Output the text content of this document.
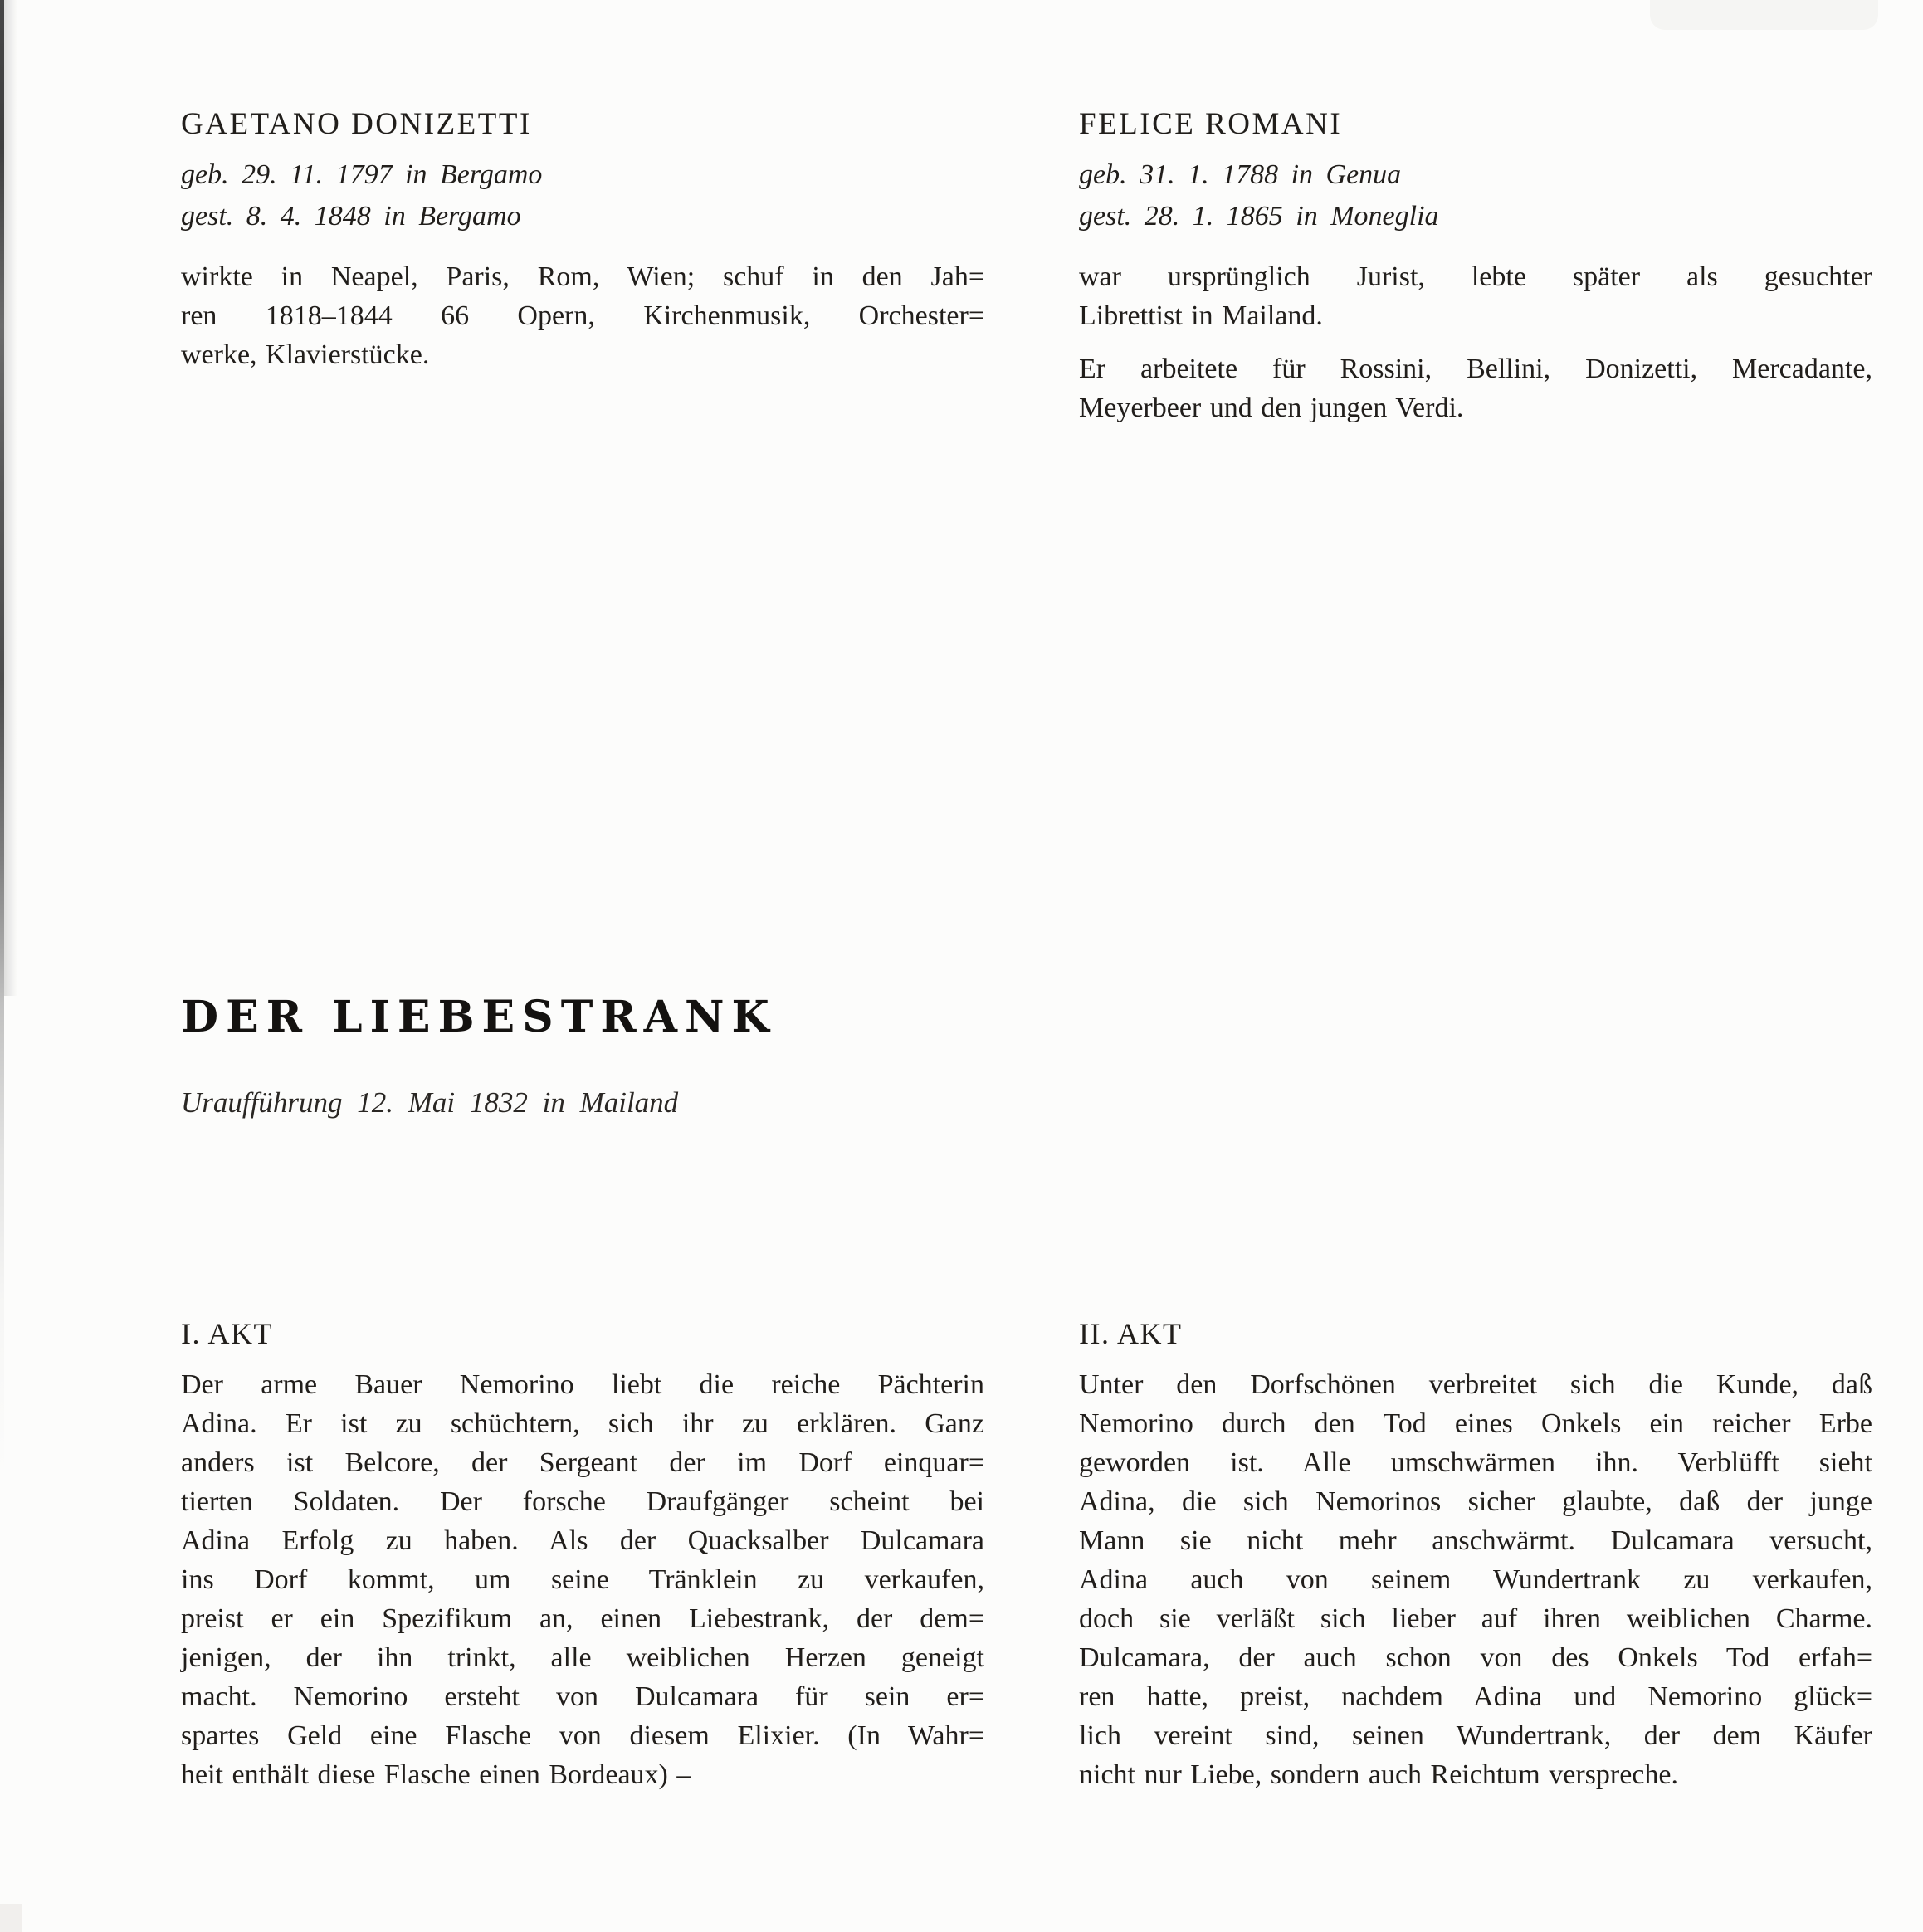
GAETANO DONIZETTI
geb. 29. 11. 1797 in Bergamo
gest. 8. 4. 1848 in Bergamo
wirkte in Neapel, Paris, Rom, Wien; schuf in den Jah=
ren 1818–1844 66 Opern, Kirchenmusik, Orchester=
werke, Klavierstücke.
FELICE ROMANI
geb. 31. 1. 1788 in Genua
gest. 28. 1. 1865 in Moneglia
war ursprünglich Jurist, lebte später als gesuchter
Librettist in Mailand.
Er arbeitete für Rossini, Bellini, Donizetti, Mercadante,
Meyerbeer und den jungen Verdi.
DER LIEBESTRANK
Uraufführung 12. Mai 1832 in Mailand
I. AKT
Der arme Bauer Nemorino liebt die reiche Pächterin
Adina. Er ist zu schüchtern, sich ihr zu erklären. Ganz
anders ist Belcore, der Sergeant der im Dorf einquar=
tierten Soldaten. Der forsche Draufgänger scheint bei
Adina Erfolg zu haben. Als der Quacksalber Dulcamara
ins Dorf kommt, um seine Tränklein zu verkaufen,
preist er ein Spezifikum an, einen Liebestrank, der dem=
jenigen, der ihn trinkt, alle weiblichen Herzen geneigt
macht. Nemorino ersteht von Dulcamara für sein er=
spartes Geld eine Flasche von diesem Elixier. (In Wahr=
heit enthält diese Flasche einen Bordeaux) –
II. AKT
Unter den Dorfschönen verbreitet sich die Kunde, daß
Nemorino durch den Tod eines Onkels ein reicher Erbe
geworden ist. Alle umschwärmen ihn. Verblüfft sieht
Adina, die sich Nemorinos sicher glaubte, daß der junge
Mann sie nicht mehr anschwärmt. Dulcamara versucht,
Adina auch von seinem Wundertrank zu verkaufen,
doch sie verläßt sich lieber auf ihren weiblichen Charme.
Dulcamara, der auch schon von des Onkels Tod erfah=
ren hatte, preist, nachdem Adina und Nemorino glück=
lich vereint sind, seinen Wundertrank, der dem Käufer
nicht nur Liebe, sondern auch Reichtum verspreche.
